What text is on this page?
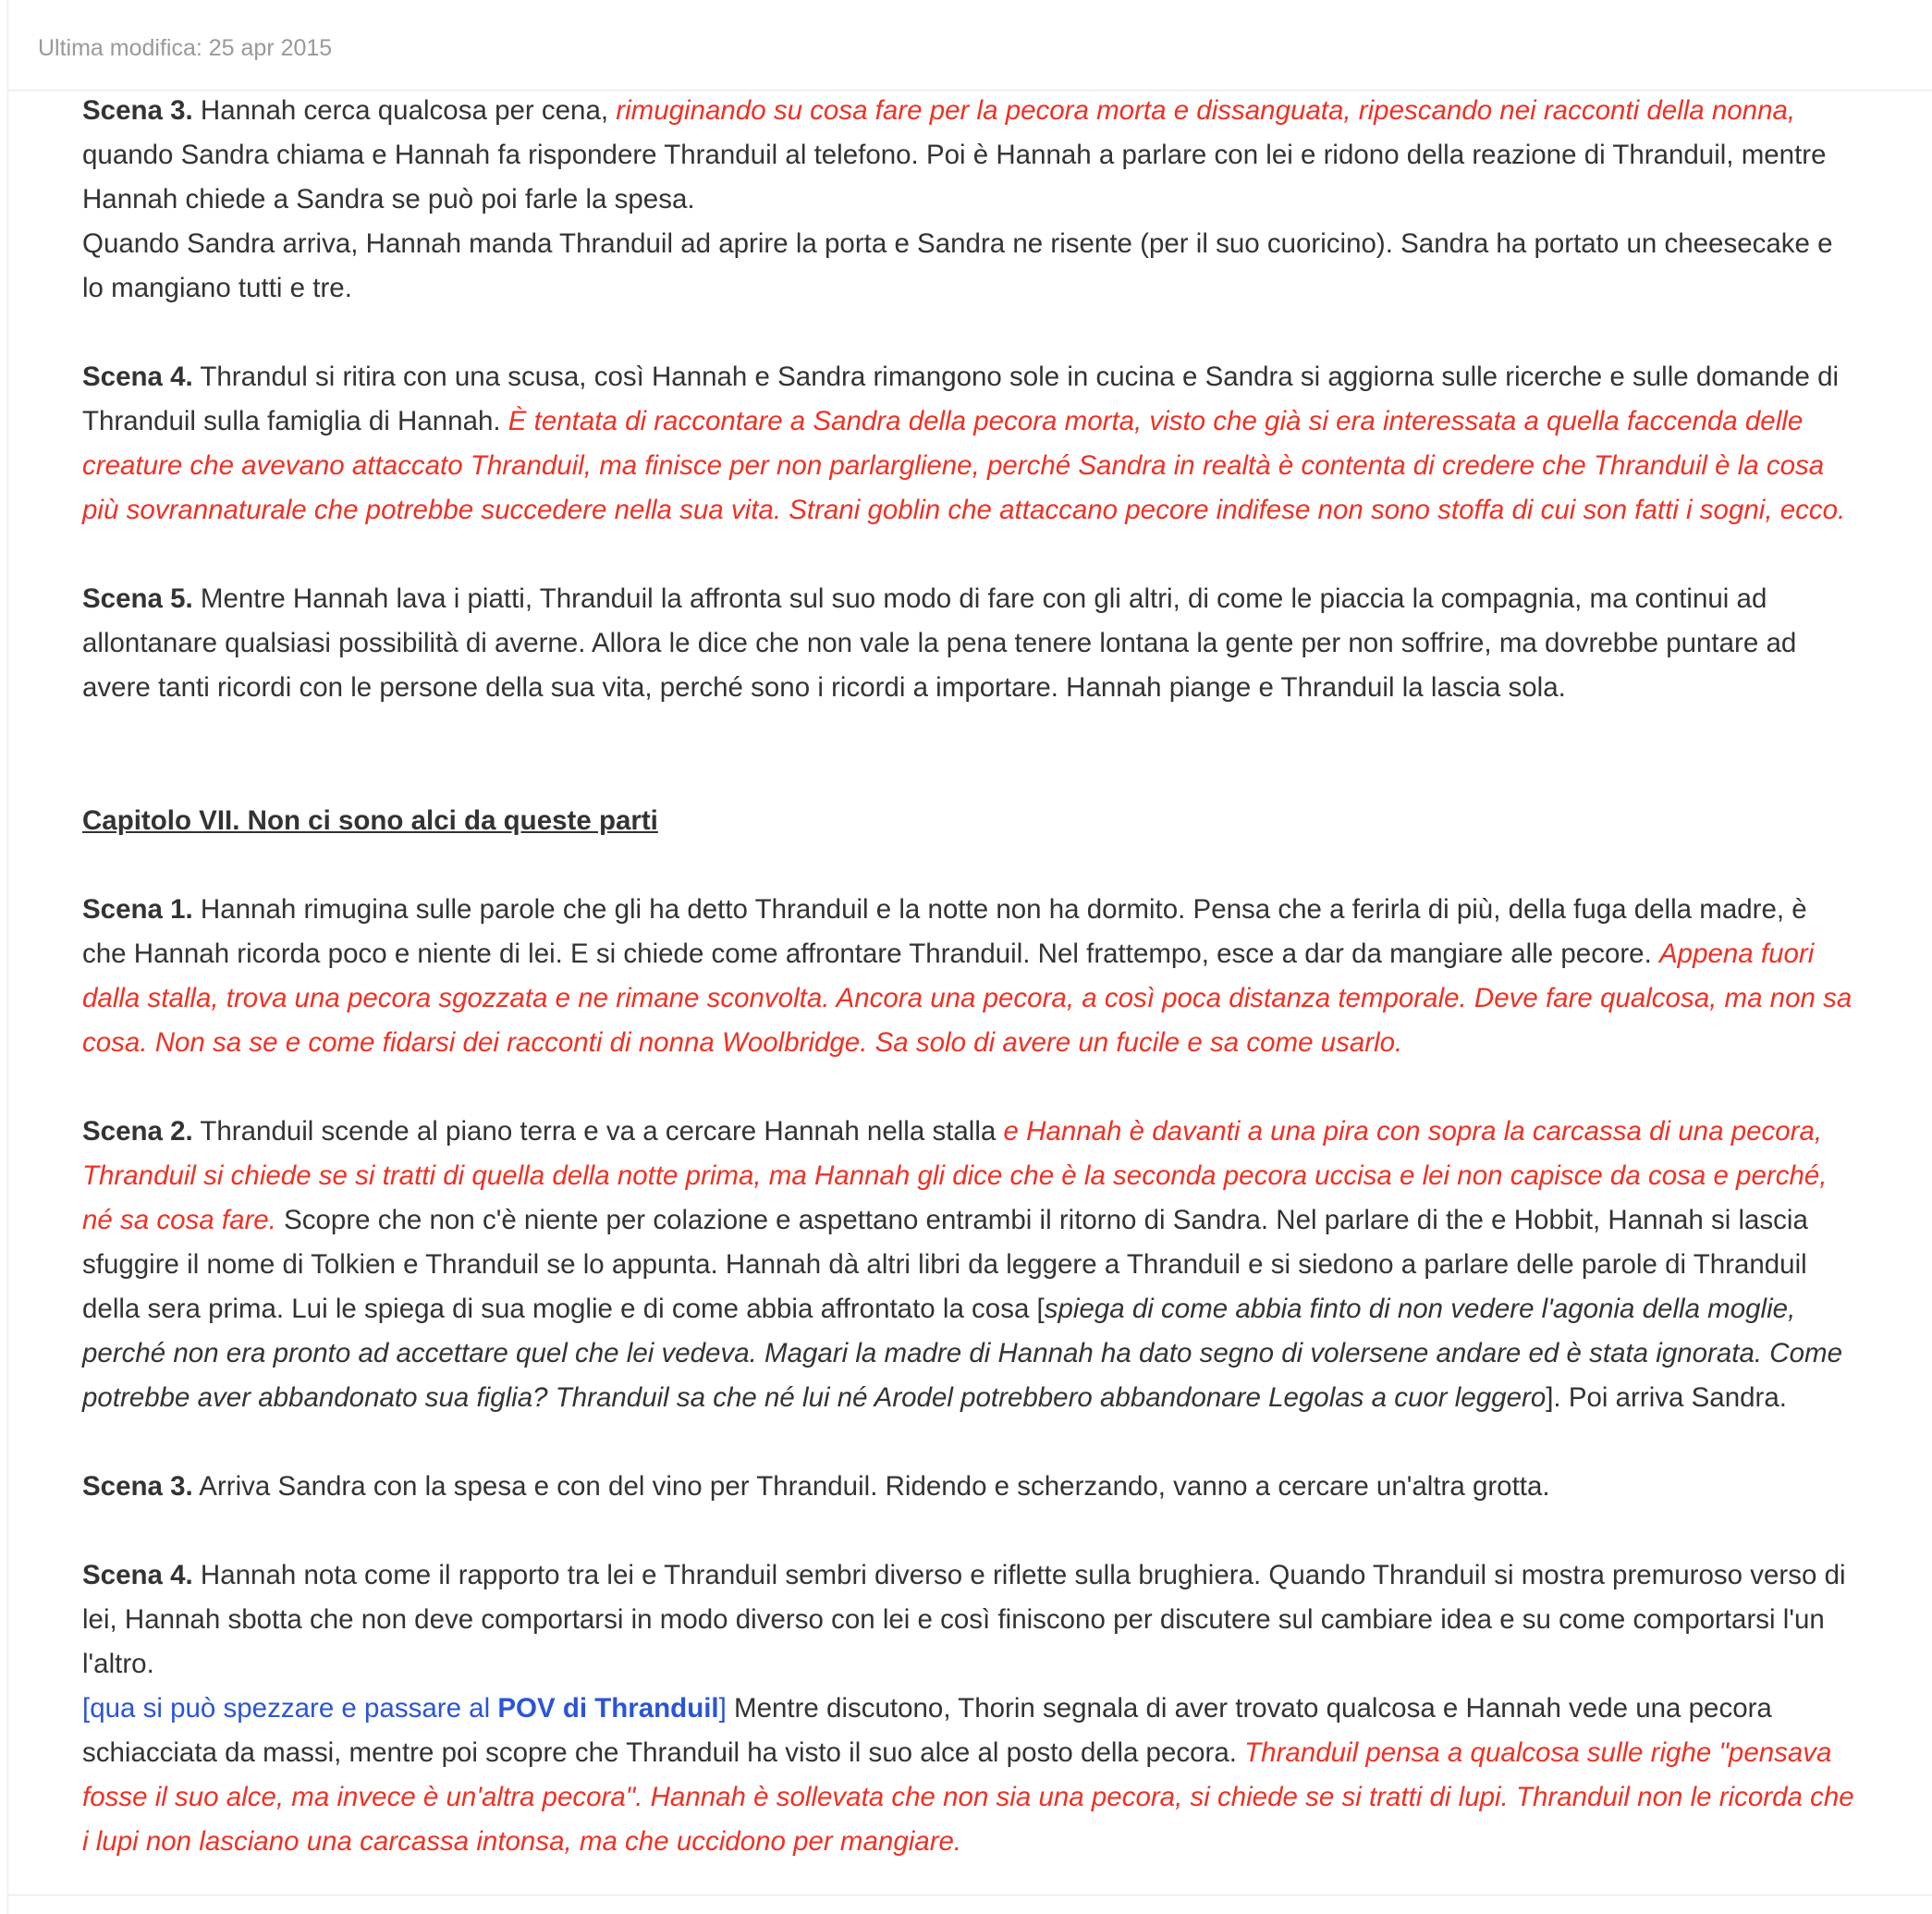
Ultima modifica: 25 apr 2015

Scena 3. Hannah cerca qualcosa per cena, rimuginando su cosa fare per la pecora morta e dissanguata, ripescando nei racconti della nonna, quando Sandra chiama e Hannah fa rispondere Thranduil al telefono. Poi è Hannah a parlare con lei e ridono della reazione di Thranduil, mentre Hannah chiede a Sandra se può poi farle la spesa.

Quando Sandra arriva, Hannah manda Thranduil ad aprire la porta e Sandra ne risente (per il suo cuoricino). Sandra ha portato un cheesecake e lo mangiano tutti e tre.

Scena 4. Thrandul si ritira con una scusa, così Hannah e Sandra rimangono sole in cucina e Sandra si aggiorna sulle ricerche e sulle domande di Thranduil sulla famiglia di Hannah. È tentata di raccontare a Sandra della pecora morta, visto che già si era interessata a quella faccenda delle creature che avevano attaccato Thranduil, ma finisce per non parlargliene, perché Sandra in realtà è contenta di credere che Thranduil è la cosa più sovrannaturale che potrebbe succedere nella sua vita. Strani goblin che attaccano pecore indifese non sono stoffa di cui son fatti i sogni, ecco.

Scena 5. Mentre Hannah lava i piatti, Thranduil la affronta sul suo modo di fare con gli altri, di come le piaccia la compagnia, ma continui ad allontanare qualsiasi possibilità di averne. Allora le dice che non vale la pena tenere lontana la gente per non soffrire, ma dovrebbe puntare ad avere tanti ricordi con le persone della sua vita, perché sono i ricordi a importare. Hannah piange e Thranduil la lascia sola.

Capitolo VII. Non ci sono alci da queste parti

Scena 1. Hannah rimugina sulle parole che gli ha detto Thranduil e la notte non ha dormito. Pensa che a ferirla di più, della fuga della madre, è che Hannah ricorda poco e niente di lei. E si chiede come affrontare Thranduil. Nel frattempo, esce a dar da mangiare alle pecore. Appena fuori dalla stalla, trova una pecora sgozzata e ne rimane sconvolta. Ancora una pecora, a così poca distanza temporale. Deve fare qualcosa, ma non sa cosa. Non sa se e come fidarsi dei racconti di nonna Woolbridge. Sa solo di avere un fucile e sa come usarlo.

Scena 2. Thranduil scende al piano terra e va a cercare Hannah nella stalla e Hannah è davanti a una pira con sopra la carcassa di una pecora, Thranduil si chiede se si tratti di quella della notte prima, ma Hannah gli dice che è la seconda pecora uccisa e lei non capisce da cosa e perché, né sa cosa fare. Scopre che non c'è niente per colazione e aspettano entrambi il ritorno di Sandra. Nel parlare di the e Hobbit, Hannah si lascia sfuggire il nome di Tolkien e Thranduil se lo appunta. Hannah dà altri libri da leggere a Thranduil e si siedono a parlare delle parole di Thranduil della sera prima. Lui le spiega di sua moglie e di come abbia affrontato la cosa [spiega di come abbia finto di non vedere l'agonia della moglie, perché non era pronto ad accettare quel che lei vedeva. Magari la madre di Hannah ha dato segno di volersene andare ed è stata ignorata. Come potrebbe aver abbandonato sua figlia? Thranduil sa che né lui né Arodel potrebbero abbandonare Legolas a cuor leggero]. Poi arriva Sandra.

Scena 3. Arriva Sandra con la spesa e con del vino per Thranduil. Ridendo e scherzando, vanno a cercare un'altra grotta.

Scena 4. Hannah nota come il rapporto tra lei e Thranduil sembri diverso e riflette sulla brughiera. Quando Thranduil si mostra premuroso verso di lei, Hannah sbotta che non deve comportarsi in modo diverso con lei e così finiscono per discutere sul cambiare idea e su come comportarsi l'un l'altro.

[qua si può spezzare e passare al POV di Thranduil] Mentre discutono, Thorin segnala di aver trovato qualcosa e Hannah vede una pecora schiacciata da massi, mentre poi scopre che Thranduil ha visto il suo alce al posto della pecora. Thranduil pensa a qualcosa sulle righe "pensava fosse il suo alce, ma invece è un'altra pecora". Hannah è sollevata che non sia una pecora, si chiede se si tratti di lupi. Thranduil non le ricorda che i lupi non lasciano una carcassa intonsa, ma che uccidono per mangiare.
